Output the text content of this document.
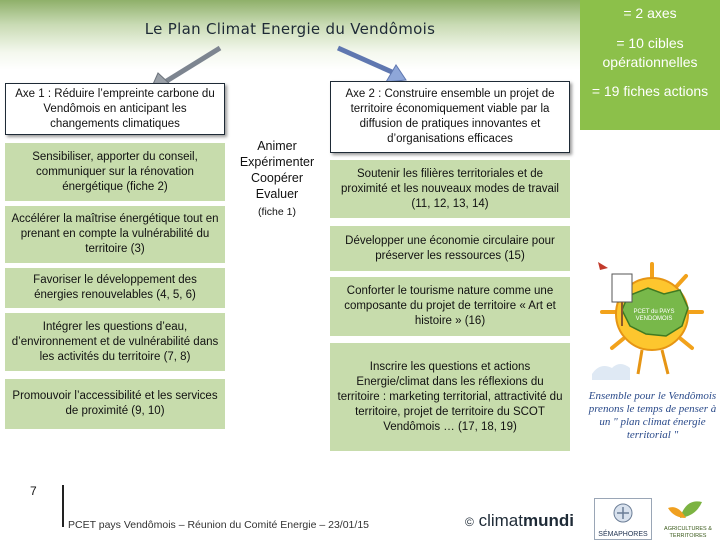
Le Plan Climat Energie du Vendômois
= 2 axes
= 10 cibles opérationnelles
= 19 fiches actions
Axe 1 : Réduire l’empreinte carbone du Vendômois en anticipant les changements climatiques
Sensibiliser, apporter du conseil, communiquer sur la rénovation énergétique (fiche 2)
Accélérer la maîtrise énergétique tout en prenant en compte la vulnérabilité du territoire (3)
Favoriser le développement des énergies renouvelables (4, 5, 6)
Intégrer les questions d’eau, d’environnement et de vulnérabilité dans les activités du territoire (7, 8)
Promouvoir l’accessibilité et les services de proximité (9, 10)
Animer
Expérimenter
Coopérer
Evaluer
(fiche 1)
Axe 2 : Construire ensemble un projet de territoire économiquement viable par la diffusion de pratiques innovantes et d’organisations efficaces
Soutenir les filières territoriales et de proximité et les nouveaux modes de travail (11, 12, 13, 14)
Développer une économie circulaire pour préserver les ressources (15)
Conforter le tourisme nature comme une composante du projet de territoire « Art et histoire » (16)
Inscrire les questions et actions Energie/climat dans les réflexions du territoire : marketing territorial, attractivité du territoire, projet de territoire du SCOT Vendômois … (17, 18, 19)
PCET du PAYS
VENDOMOIS
Ensemble pour le Vendômois prenons le temps de penser à un " plan climat énergie territorial "
7
PCET pays Vendômois – Réunion du Comité Energie – 23/01/15	© climatmundi
SÉMAPHORES
AGRICULTURES & TERRITOIRES
